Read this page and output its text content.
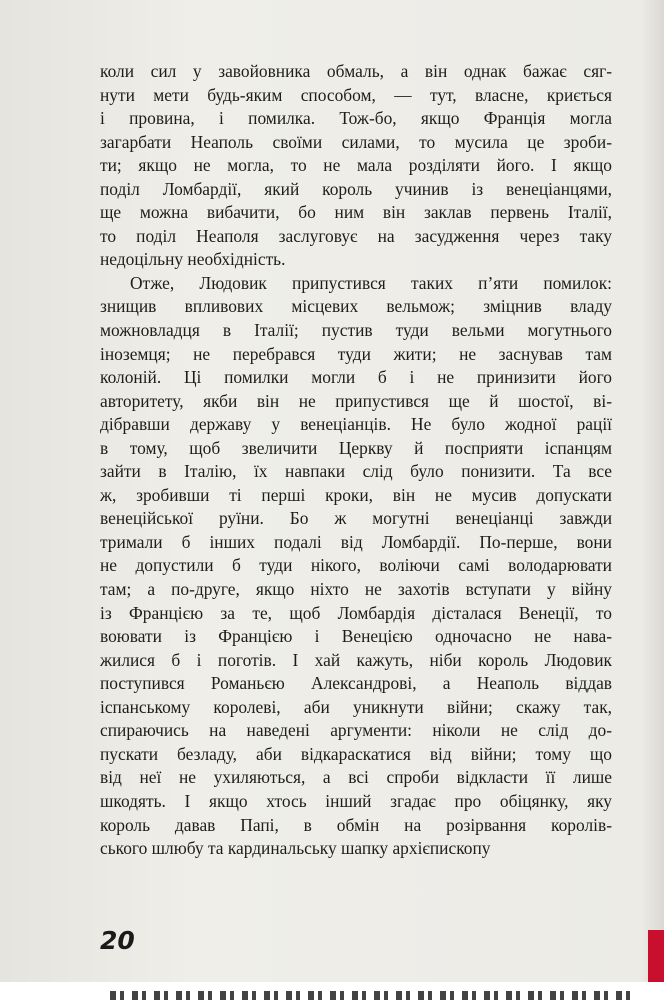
коли сил у завойовника обмаль, а він однак бажає сяг-
нути мети будь-яким способом, — тут, власне, криється
і провина, і помилка. Тож-бо, якщо Франція могла
загарбати Неаполь своїми силами, то мусила це зроби-
ти; якщо не могла, то не мала розділяти його. І якщо
поділ Ломбардії, який король учинив із венеціанцями,
ще можна вибачити, бо ним він заклав первень Італії,
то поділ Неаполя заслуговує на засудження через таку
недоцільну необхідність.
Отже, Людовик припустився таких п’яти помилок:
знищив впливових місцевих вельмож; зміцнив владу
можновладця в Італії; пустив туди вельми могутнього
іноземця; не перебрався туди жити; не заснував там
колоній. Ці помилки могли б і не принизити його
авторитету, якби він не припустився ще й шостої, ві-
дібравши державу у венеціанців. Не було жодної рації
в тому, щоб звеличити Церкву й посприяти іспанцям
зайти в Італію, їх навпаки слід було понизити. Та все
ж, зробивши ті перші кроки, він не мусив допускати
венеційської руїни. Бо ж могутні венеціанці завжди
тримали б інших подалі від Ломбардії. По-перше, вони
не допустили б туди нікого, воліючи самі володарювати
там; а по-друге, якщо ніхто не захотів вступати у війну
із Францією за те, щоб Ломбардія дісталася Венеції, то
воювати із Францією і Венецією одночасно не нава-
жилися б і поготів. І хай кажуть, ніби король Людовик
поступився Романьєю Александрові, а Неаполь віддав
іспанському королеві, аби уникнути війни; скажу так,
спираючись на наведені аргументи: ніколи не слід до-
пускати безладу, аби відкараскатися від війни; тому що
від неї не ухиляються, а всі спроби відкласти її лише
шкодять. І якщо хтось інший згадає про обіцянку, яку
король давав Папі, в обмін на розірвання королів-
ського шлюбу та кардинальську шапку архієпископу
20
